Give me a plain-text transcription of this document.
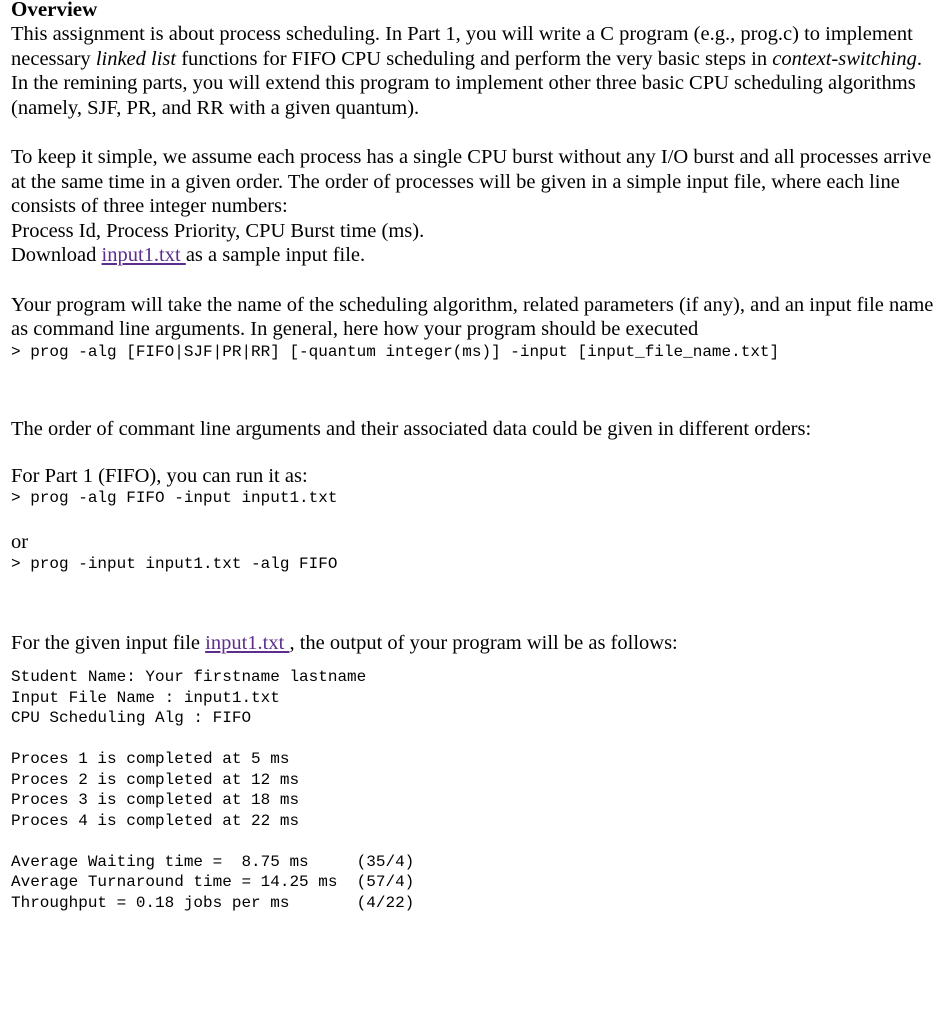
Overview

This assignment is about process scheduling. In Part 1, you will write a C program (e.g., prog.c) to implement necessary linked list functions for FIFO CPU scheduling and perform the very basic steps in context-switching. In the remining parts, you will extend this program to implement other three basic CPU scheduling algorithms (namely, SJF, PR, and RR with a given quantum).

To keep it simple, we assume each process has a single CPU burst without any I/O burst and all processes arrive at the same time in a given order. The order of processes will be given in a simple input file, where each line consists of three integer numbers:
Process Id, Process Priority, CPU Burst time (ms).
Download input1.txt as a sample input file.

Your program will take the name of the scheduling algorithm, related parameters (if any), and an input file name as command line arguments. In general, here how your program should be executed

> prog -alg [FIFO|SJF|PR|RR] [-quantum integer(ms)] -input [input_file_name.txt]

The order of commant line arguments and their associated data could be given in different orders:

For Part 1 (FIFO), you can run it as:

> prog -alg FIFO -input input1.txt

or

> prog -input input1.txt -alg FIFO

For the given input file input1.txt , the output of your program will be as follows:

Student Name: Your firstname lastname
Input File Name : input1.txt
CPU Scheduling Alg : FIFO
Proces 1 is completed at 5 ms
Proces 2 is completed at 12 ms
Proces 3 is completed at 18 ms
Proces 4 is completed at 22 ms
Average Waiting time =  8.75 ms     (35/4)
Average Turnaround time = 14.25 ms  (57/4)
Throughput = 0.18 jobs per ms       (4/22)
